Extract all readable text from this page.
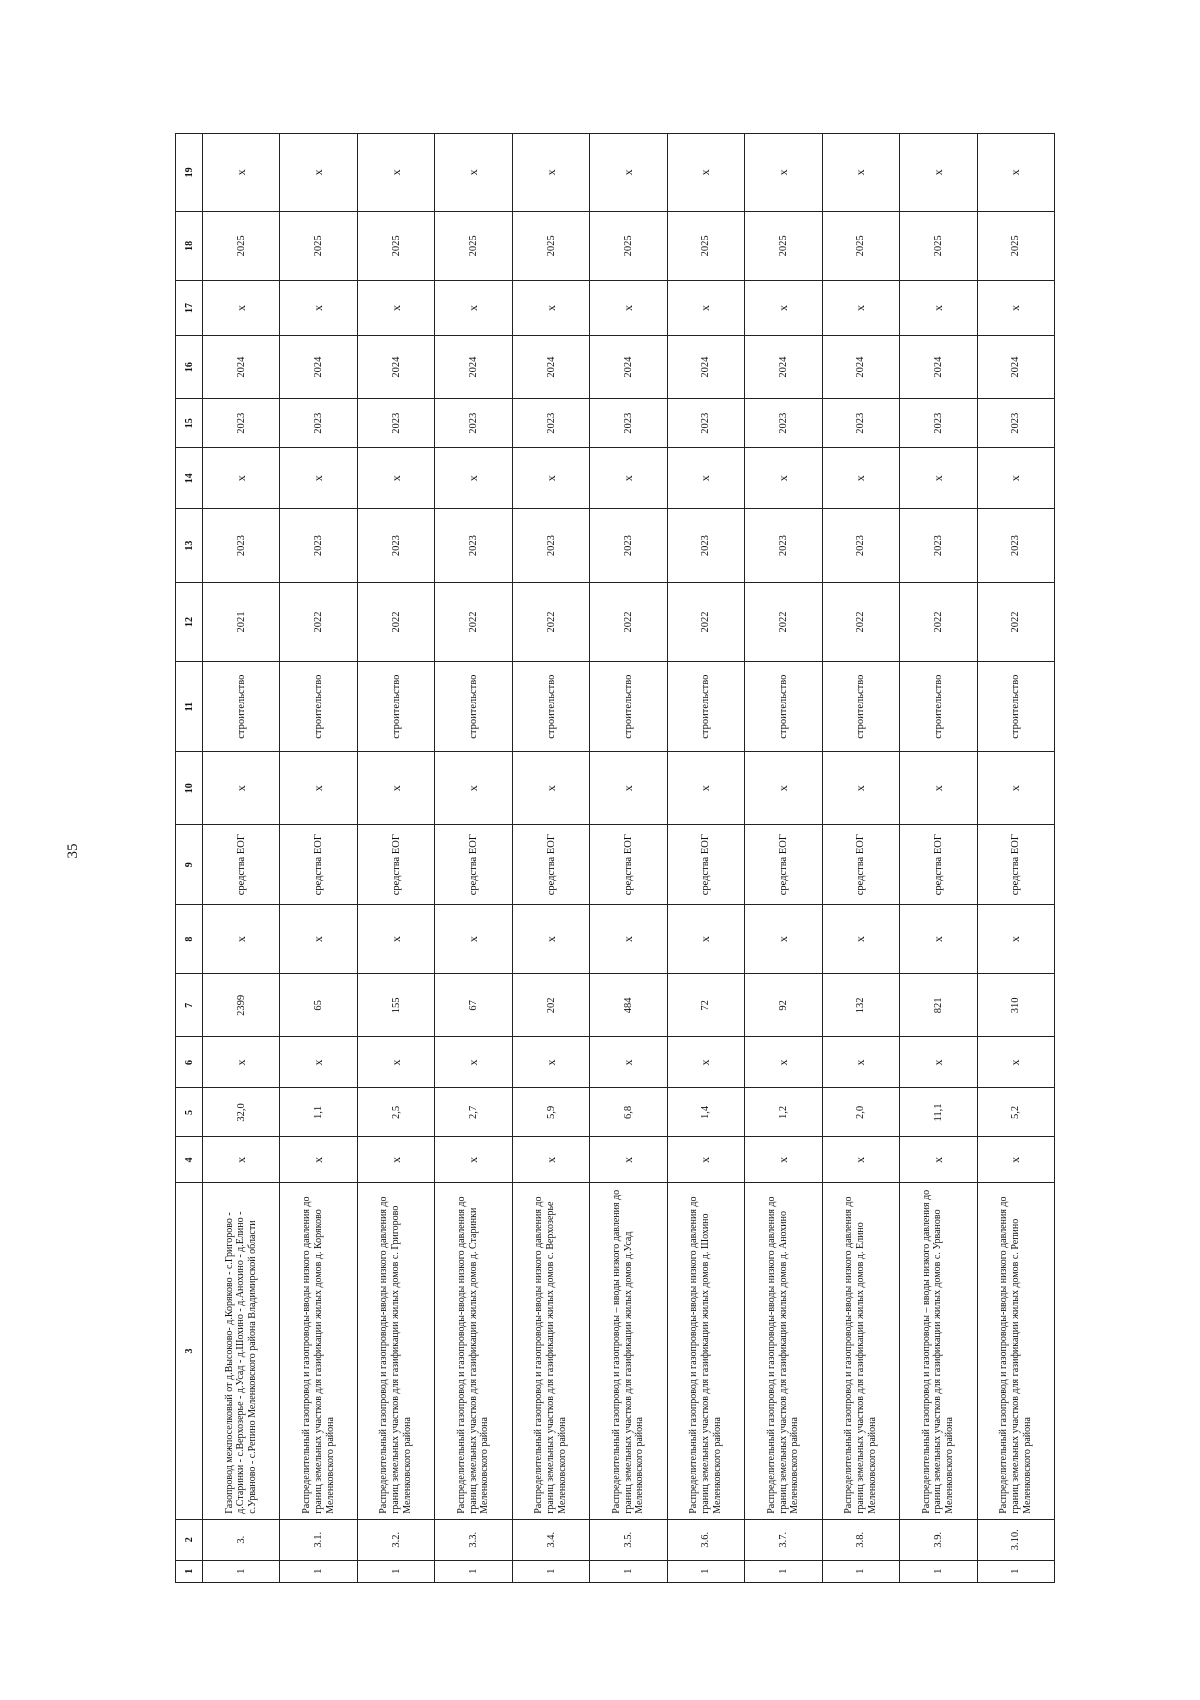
35
1	2	3	4	5	6	7	8	9	10	11	12	13	14	15	16	17	18	19
1	3.	Газопровод межпоселковый от д.Высоково- д.Коряково - с.Григорово - д.Старинки - с.Верхозерье - д.Усад - д.Шохино - д.Анохино - д.Елино - с.Урваново - с.Репино Меленковского района Владимирской области	x	32,0	x	2399	x	средства ЕОГ	x	строительство	2021	2023	x	2023	2024	x	2025	x
1	3.1.	Распределительный газопровод и газопроводы-вводы низкого давления до границ земельных участков для газификации жилых домов д. Коряково Меленковского района	x	1,1	x	65	x	средства ЕОГ	x	строительство	2022	2023	x	2023	2024	x	2025	x
1	3.2.	Распределительный газопровод и газопроводы-вводы низкого давления до границ земельных участков для газификации жилых домов с. Григорово Меленковского района	x	2,5	x	155	x	средства ЕОГ	x	строительство	2022	2023	x	2023	2024	x	2025	x
1	3.3.	Распределительный газопровод и газопроводы-вводы низкого давления до границ земельных участков для газификации жилых домов д. Старинки Меленковского района	x	2,7	x	67	x	средства ЕОГ	x	строительство	2022	2023	x	2023	2024	x	2025	x
1	3.4.	Распределительный газопровод и газопроводы-вводы низкого давления до границ земельных участков для газификации жилых домов с. Верхозерье Меленковского района	x	5,9	x	202	x	средства ЕОГ	x	строительство	2022	2023	x	2023	2024	x	2025	x
1	3.5.	Распределительный газопровод и газопроводы – вводы низкого давления до границ земельных участков для газификации жилых домов д.Усад Меленковского района	x	6,8	x	484	x	средства ЕОГ	x	строительство	2022	2023	x	2023	2024	x	2025	x
1	3.6.	Распределительный газопровод и газопроводы-вводы низкого давления до границ земельных участков для газификации жилых домов д. Шохино Меленковского района	x	1,4	x	72	x	средства ЕОГ	x	строительство	2022	2023	x	2023	2024	x	2025	x
1	3.7.	Распределительный газопровод и газопроводы-вводы низкого давления до границ земельных участков для газификации жилых домов д. Анохино Меленковского района	x	1,2	x	92	x	средства ЕОГ	x	строительство	2022	2023	x	2023	2024	x	2025	x
1	3.8.	Распределительный газопровод и газопроводы-вводы низкого давления до границ земельных участков для газификации жилых домов д. Елино Меленковского района	x	2,0	x	132	x	средства ЕОГ	x	строительство	2022	2023	x	2023	2024	x	2025	x
1	3.9.	Распределительный газопровод и газопроводы – вводы низкого давления до границ земельных участков для газификации жилых домов с. Урваново Меленковского района	x	11,1	x	821	x	средства ЕОГ	x	строительство	2022	2023	x	2023	2024	x	2025	x
1	3.10.	Распределительный газопровод и газопроводы-вводы низкого давления до границ земельных участков для газификации жилых домов с. Репино Меленковского района	x	5,2	x	310	x	средства ЕОГ	x	строительство	2022	2023	x	2023	2024	x	2025	x
